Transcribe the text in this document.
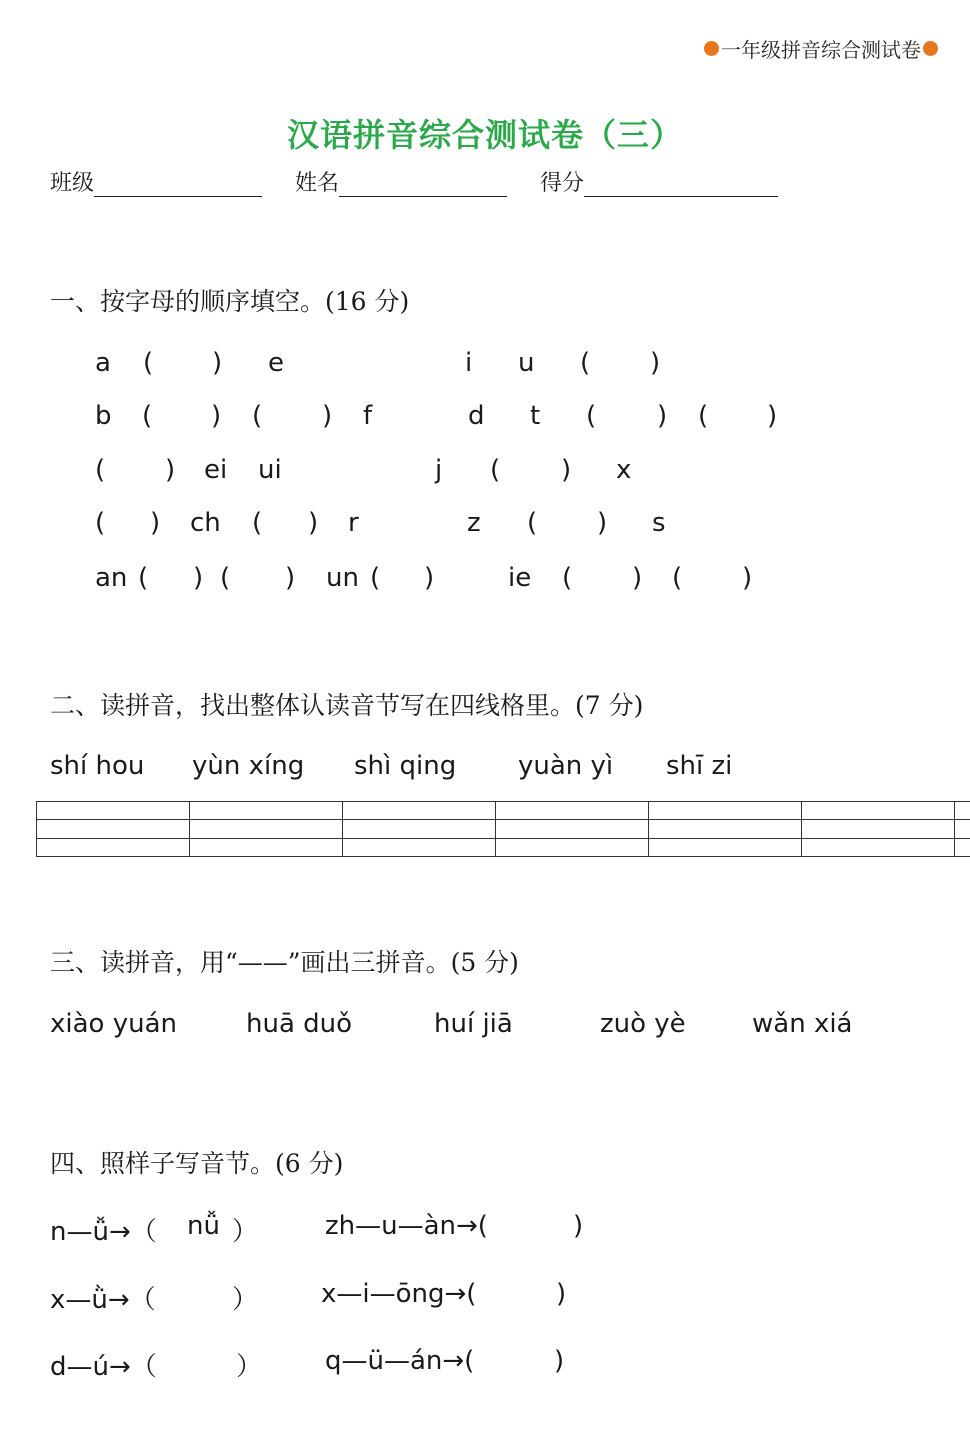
一年级拼音综合测试卷
汉语拼音综合测试卷（三）
班级	姓名	得分
一、按字母的顺序填空。(16 分)
a ( ) e	i u ( )
b ( ) ( ) f	d t ( ) ( )
( ) ei ui	j ( ) x
( ) ch ( ) r	z ( ) s
an ( ) ( ) un ( )	ie ( ) ( )
二、读拼音，找出整体认读音节写在四线格里。(7 分)
shí hou yùn xíng shì qing yuàn yì shī zi
三、读拼音，用“——”画出三拼音。(5 分)
xiào yuán	huā duǒ	huí jiā	zuò yè	wǎn xiá
四、照样子写音节。(6 分)
n—ǚ→（ nǚ ）	zh—u—àn→(	)
x—ǜ→（	） x—i—ōng→(	)
d—ú→（	） q—ü—án→(	)
